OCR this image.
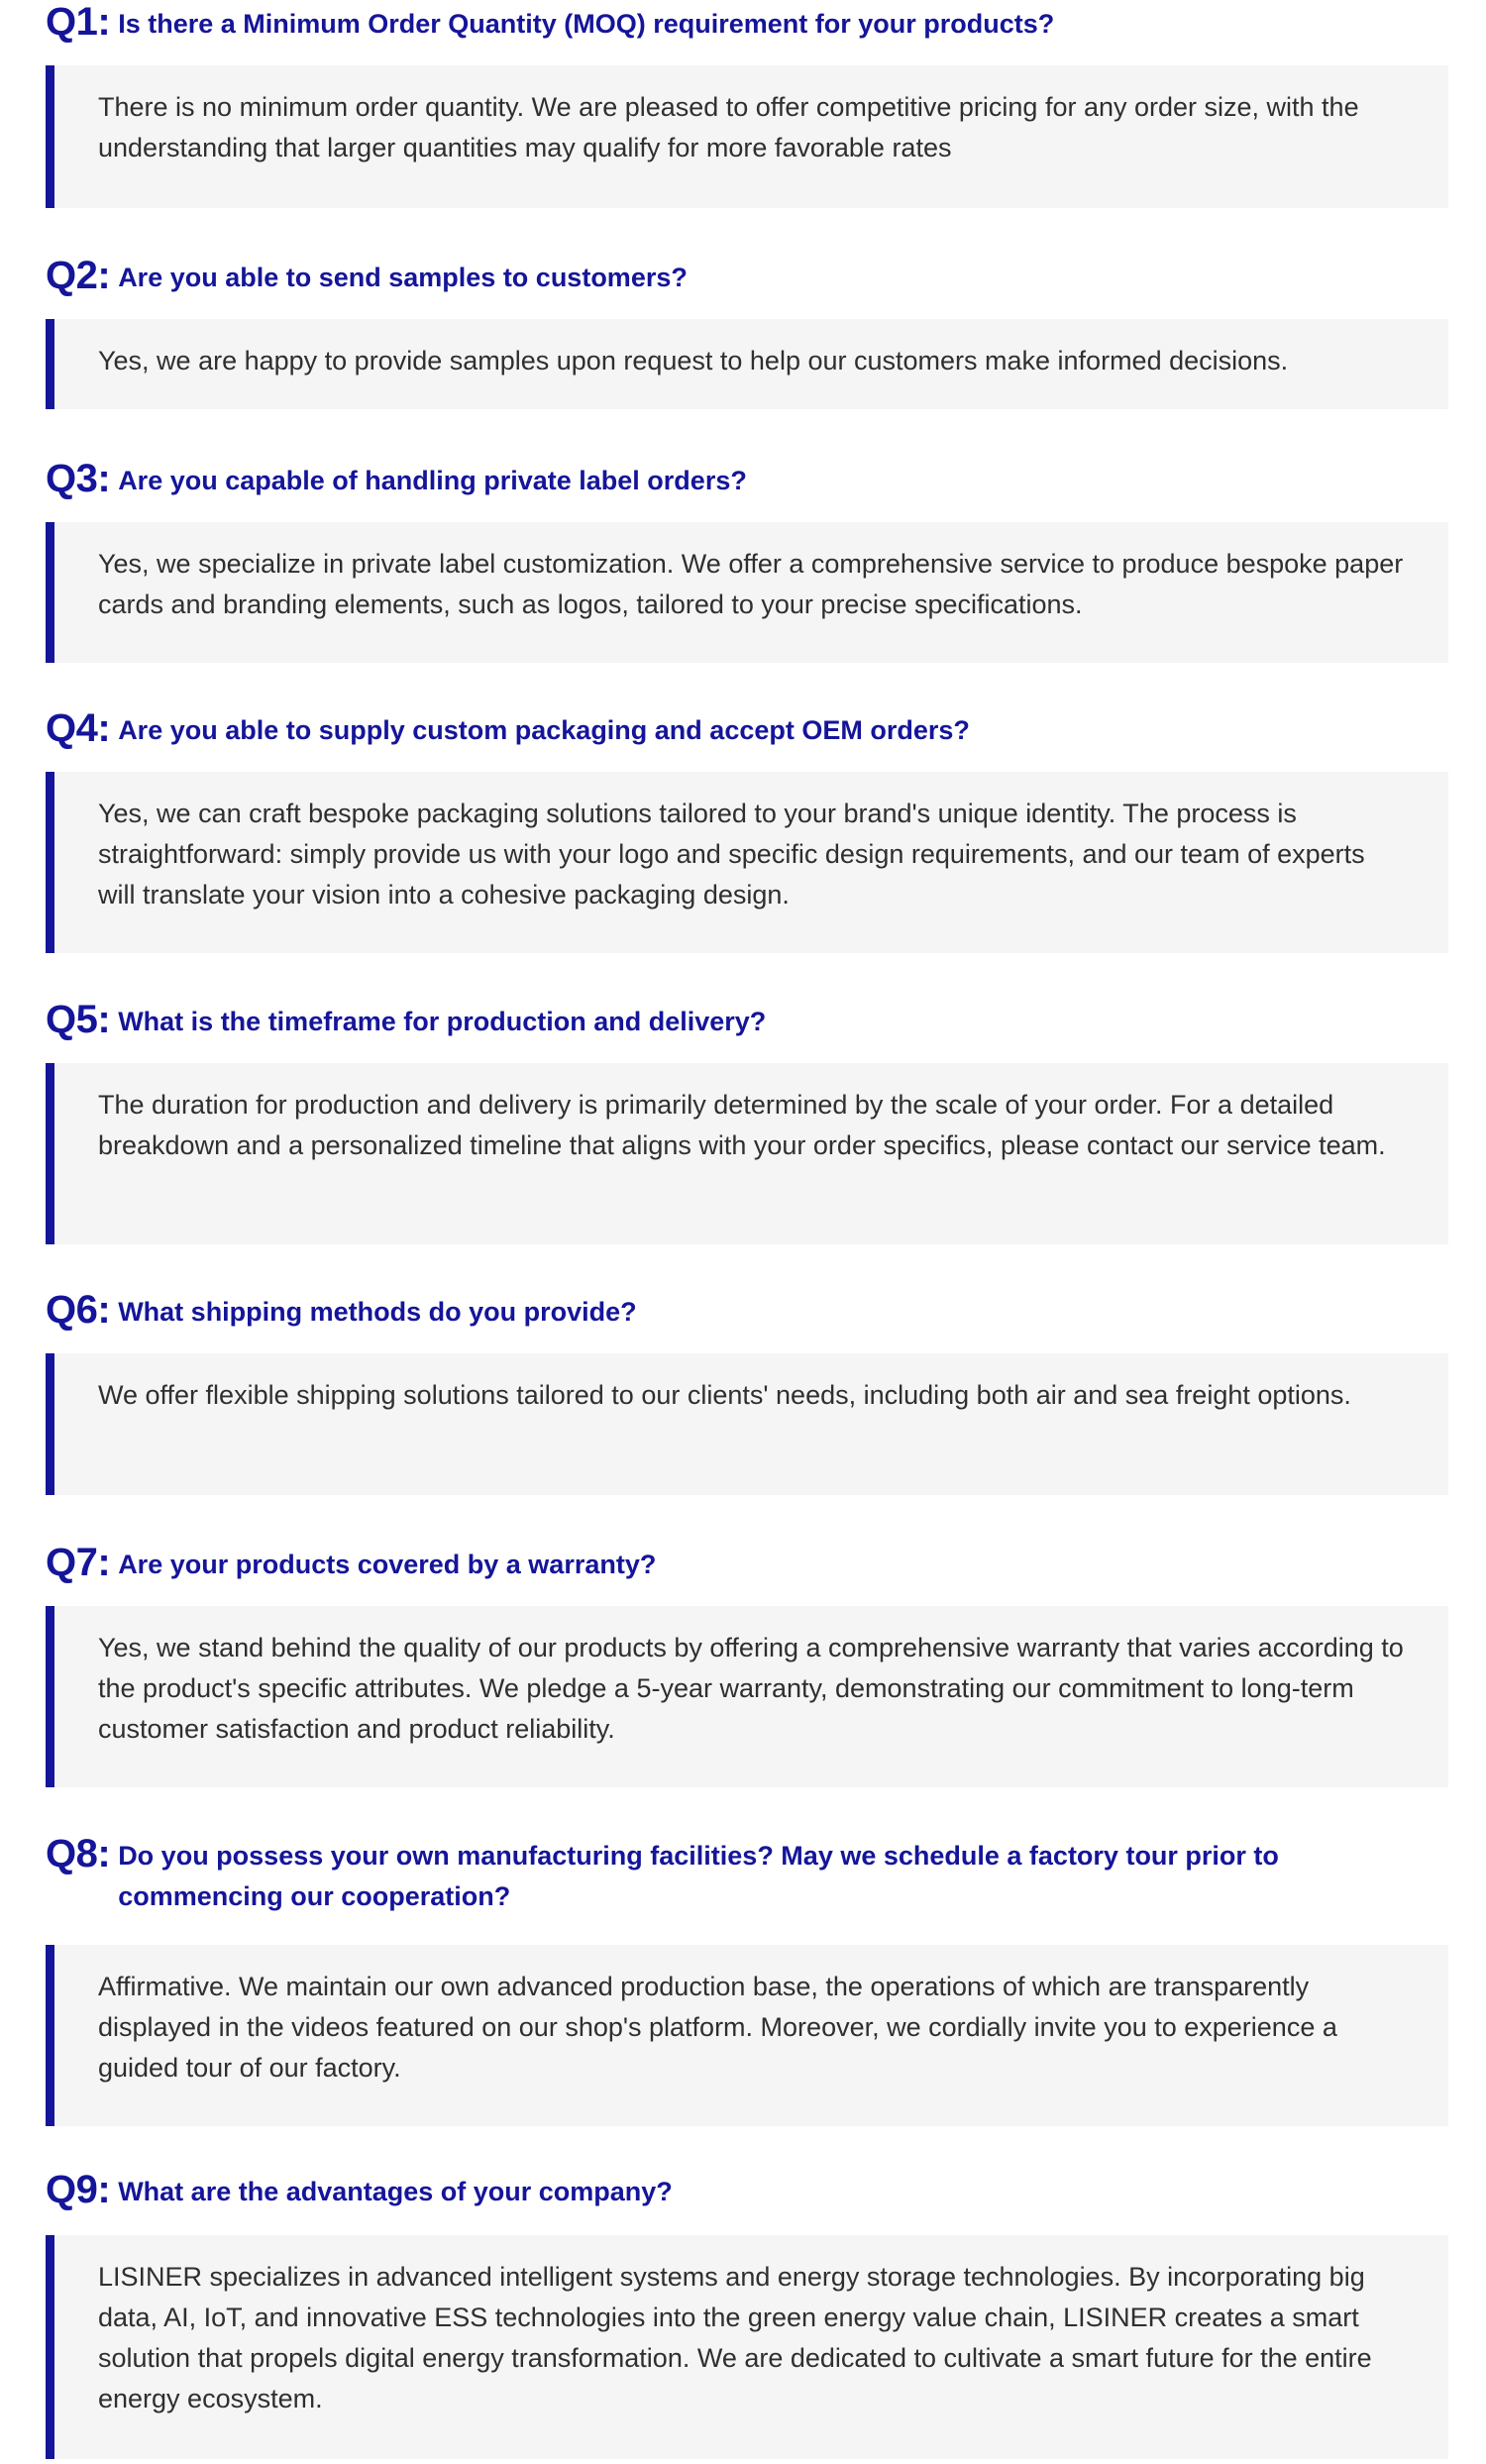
Q1: Is there a Minimum Order Quantity (MOQ) requirement for your products?
There is no minimum order quantity. We are pleased to offer competitive pricing for any order size, with the understanding that larger quantities may qualify for more favorable rates
Q2: Are you able to send samples to customers?
Yes, we are happy to provide samples upon request to help our customers make informed decisions.
Q3: Are you capable of handling private label orders?
Yes, we specialize in private label customization. We offer a comprehensive service to produce bespoke paper cards and branding elements, such as logos, tailored to your precise specifications.
Q4: Are you able to supply custom packaging and accept OEM orders?
Yes, we can craft bespoke packaging solutions tailored to your brand's unique identity. The process is straightforward: simply provide us with your logo and specific design requirements, and our team of experts will translate your vision into a cohesive packaging design.
Q5: What is the timeframe for production and delivery?
The duration for production and delivery is primarily determined by the scale of your order. For a detailed breakdown and a personalized timeline that aligns with your order specifics, please contact our service team.
Q6: What shipping methods do you provide?
We offer flexible shipping solutions tailored to our clients' needs, including both air and sea freight options.
Q7: Are your products covered by a warranty?
Yes, we stand behind the quality of our products by offering a comprehensive warranty that varies according to the product's specific attributes. We pledge a 5-year warranty, demonstrating our commitment to long-term customer satisfaction and product reliability.
Q8: Do you possess your own manufacturing facilities? May we schedule a factory tour prior to commencing our cooperation?
Affirmative. We maintain our own advanced production base, the operations of which are transparently displayed in the videos featured on our shop's platform. Moreover, we cordially invite you to experience a guided tour of our factory.
Q9: What are the advantages of your company?
LISINER specializes in advanced intelligent systems and energy storage technologies. By incorporating big data, AI, IoT, and innovative ESS technologies into the green energy value chain, LISINER creates a smart solution that propels digital energy transformation. We are dedicated to cultivate a smart future for the entire energy ecosystem.
